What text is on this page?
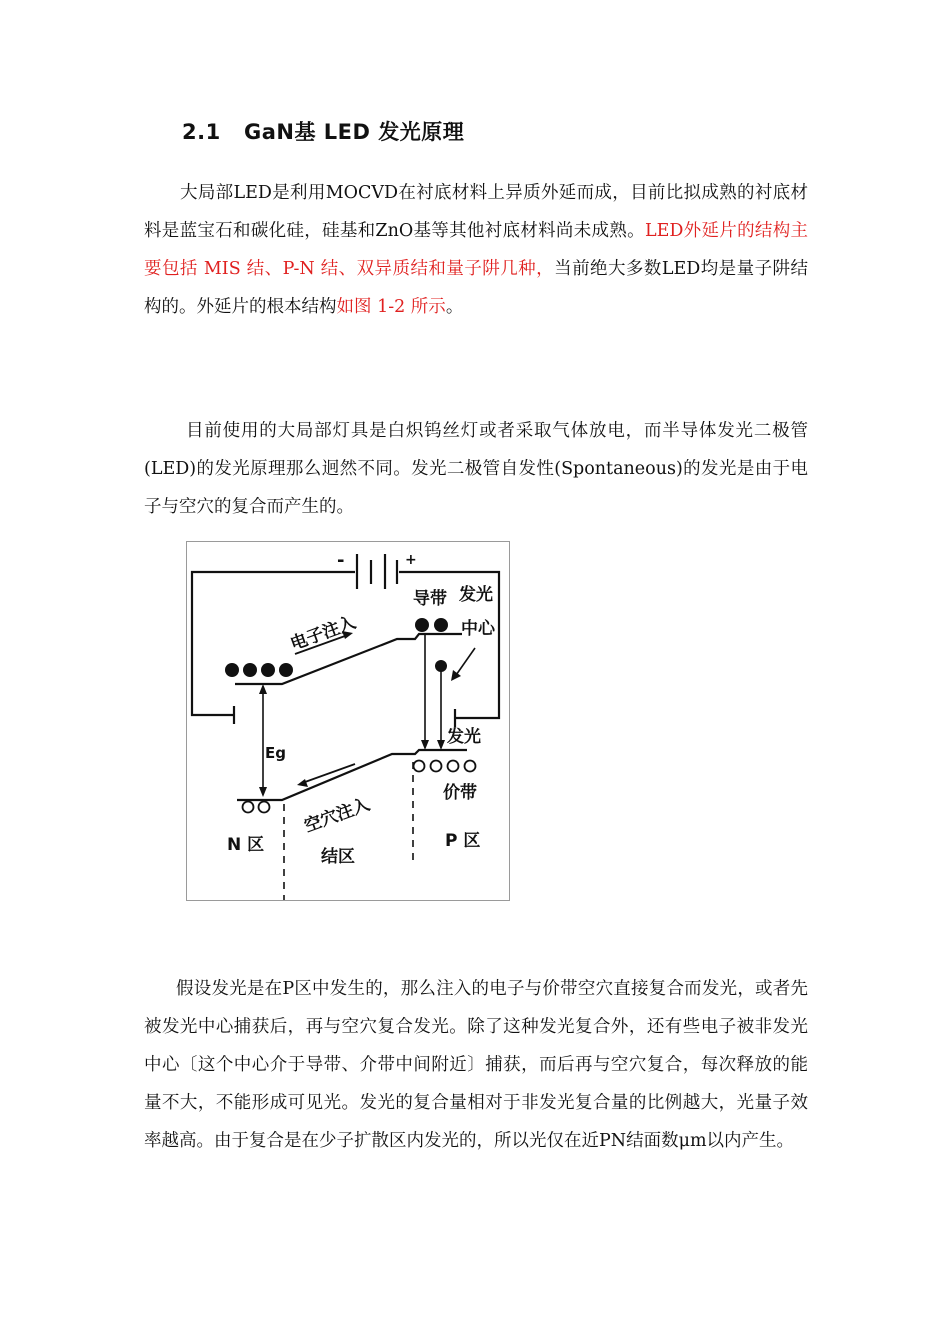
2.1 GaN基 LED 发光原理
大局部LED是利用MOCVD在衬底材料上异质外延而成，目前比拟成熟的衬底材料是蓝宝石和碳化硅，硅基和ZnO基等其他衬底材料尚未成熟。LED外延片的结构主要包括 MIS 结、P-N 结、双异质结和量子阱几种，当前绝大多数LED均是量子阱结构的。外延片的根本结构如图 1-2 所示。
目前使用的大局部灯具是白炽钨丝灯或者采取气体放电，而半导体发光二极管(LED)的发光原理那么迥然不同。发光二极管自发性(Spontaneous)的发光是由于电子与空穴的复合而产生的。
-	+
导带 发光
中心
电子注入
Eg
发光
空穴注入
价带
N 区
结区
P 区
假设发光是在P区中发生的，那么注入的电子与价带空穴直接复合而发光，或者先被发光中心捕获后，再与空穴复合发光。除了这种发光复合外，还有些电子被非发光中心〔这个中心介于导带、介带中间附近〕捕获，而后再与空穴复合，每次释放的能量不大，不能形成可见光。发光的复合量相对于非发光复合量的比例越大，光量子效率越高。由于复合是在少子扩散区内发光的，所以光仅在近PN结面数μm以内产生。
